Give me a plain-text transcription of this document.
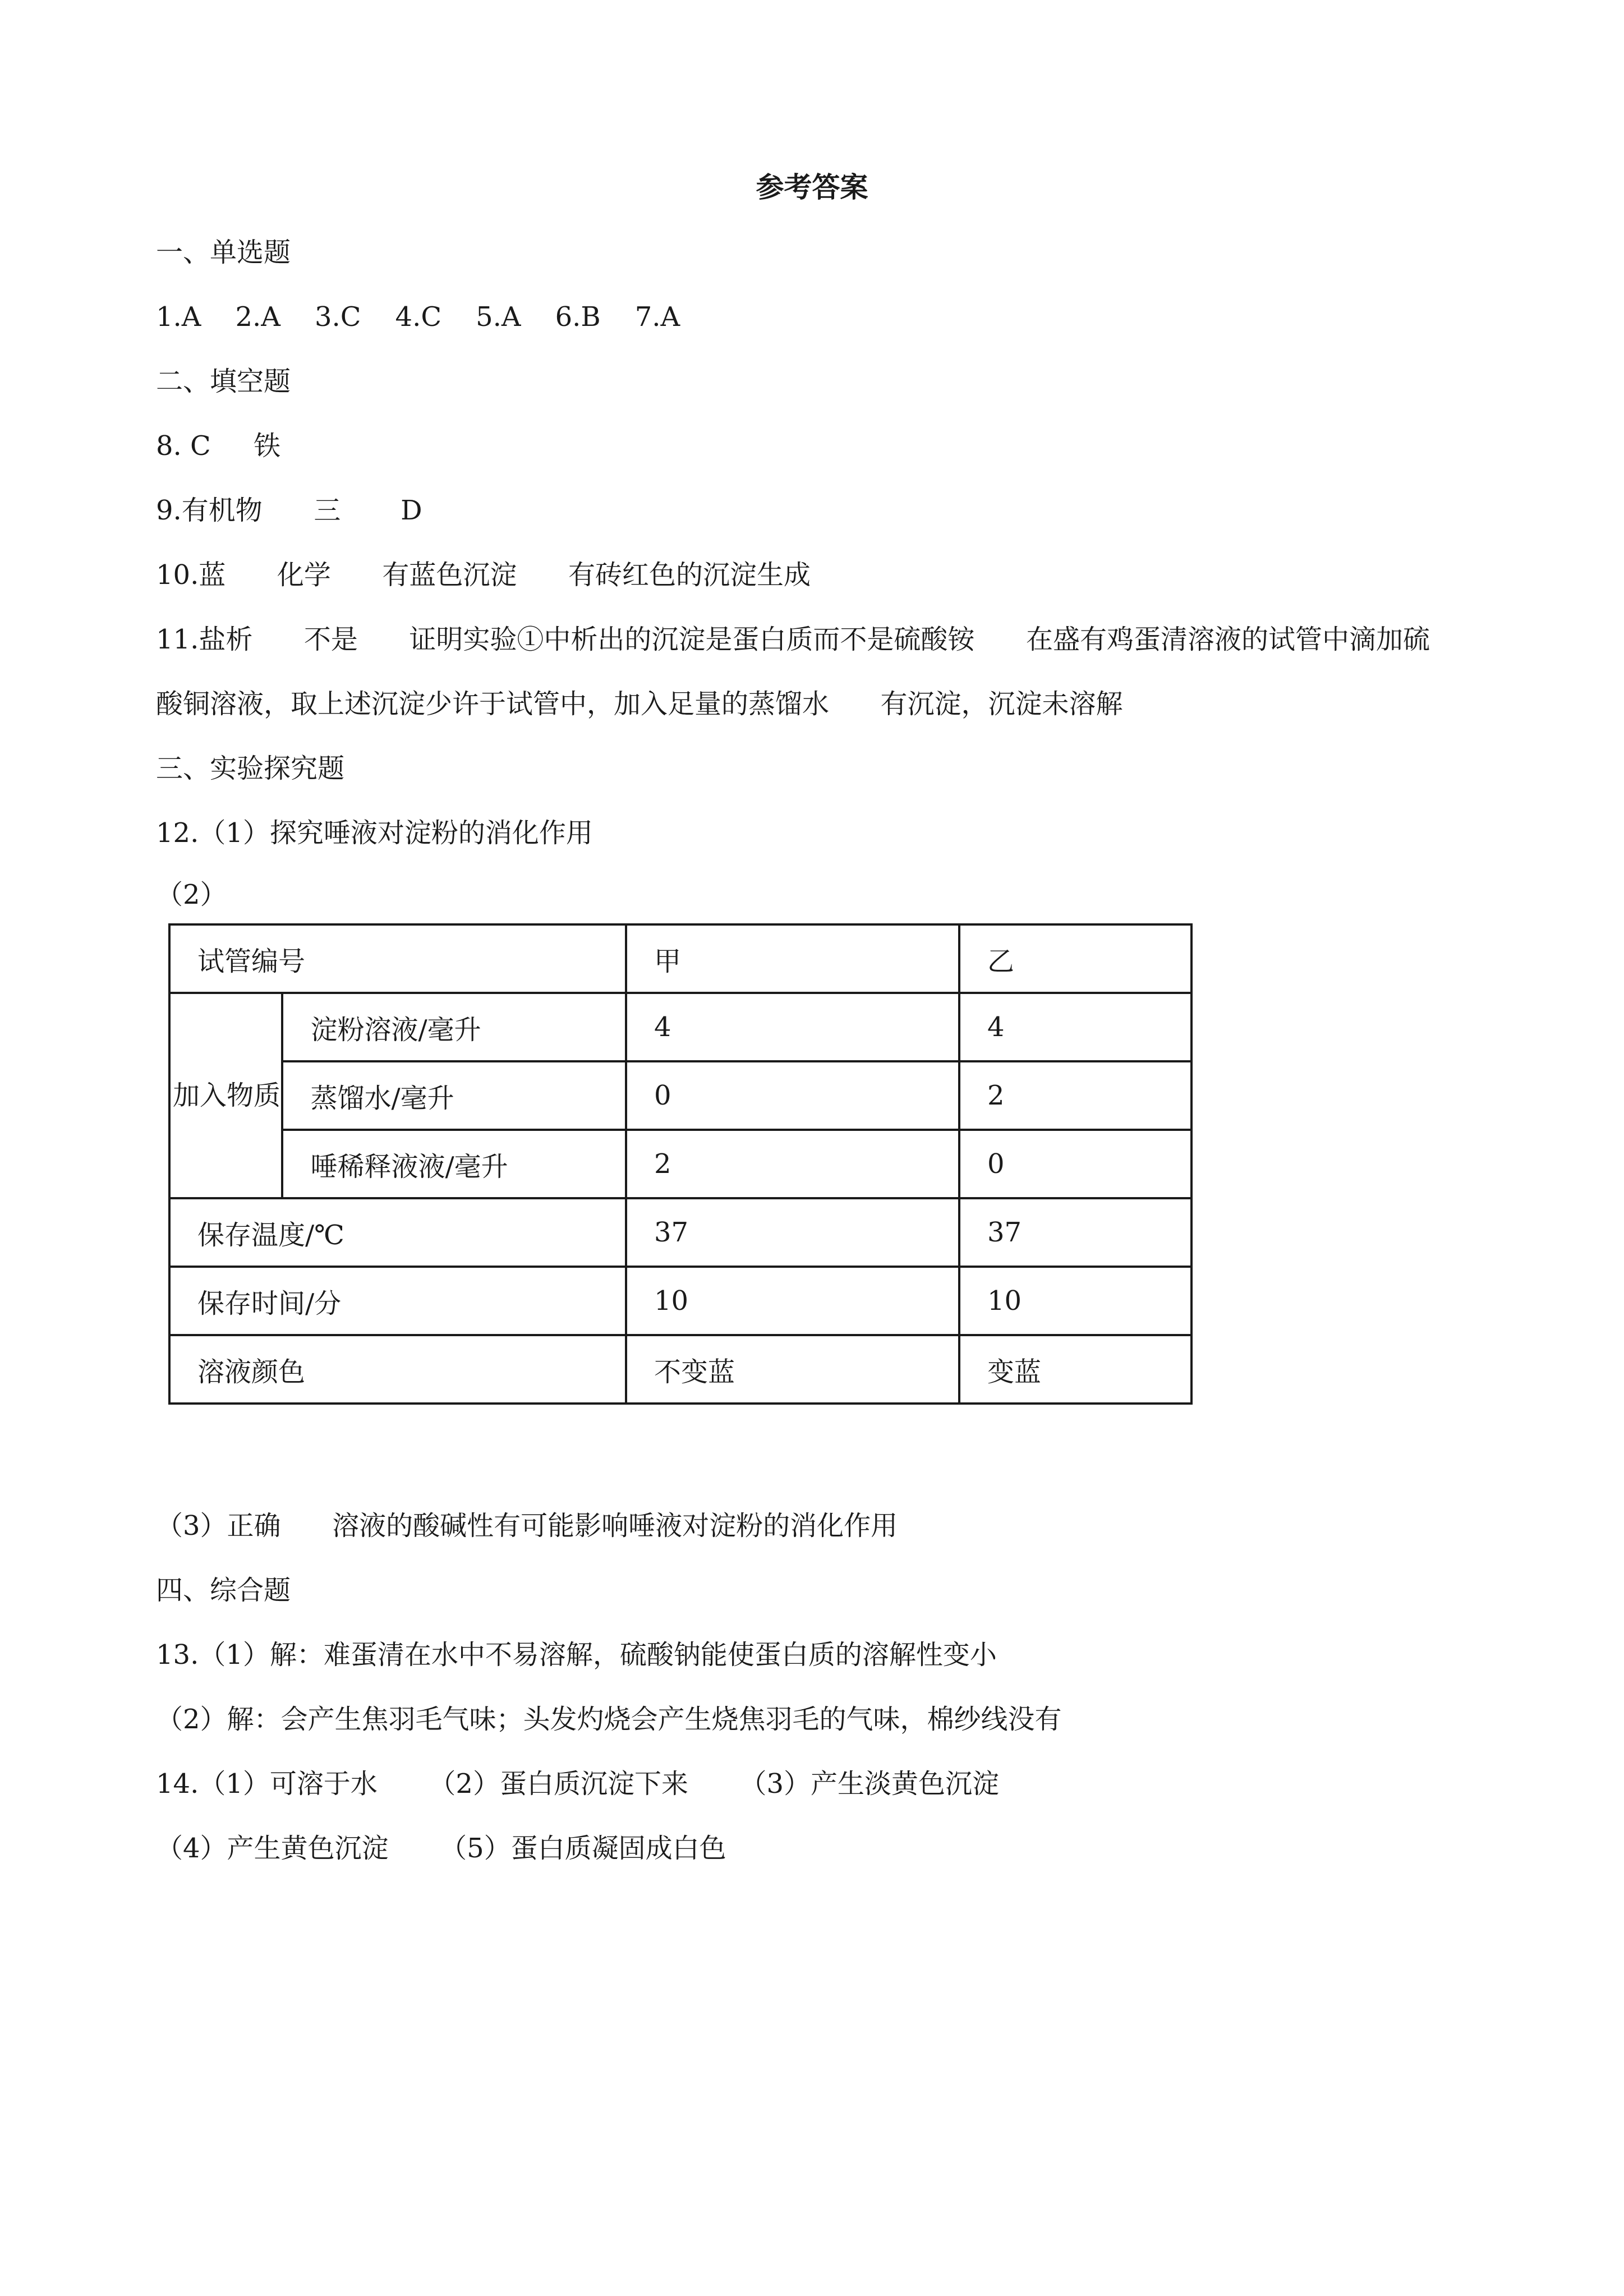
参考答案
一、单选题
1.A    2.A    3.C    4.C    5.A    6.B    7.A
二、填空题
8. C     铁
9.有机物      三       D
10.蓝      化学      有蓝色沉淀      有砖红色的沉淀生成
11.盐析      不是      证明实验①中析出的沉淀是蛋白质而不是硫酸铵      在盛有鸡蛋清溶液的试管中滴加硫
酸铜溶液，取上述沉淀少许于试管中，加入足量的蒸馏水      有沉淀，沉淀未溶解
三、实验探究题
12.（1）探究唾液对淀粉的消化作用
（2）
试管编号		甲	乙
加入物质	淀粉溶液/毫升	4	4
	蒸馏水/毫升	0	2
	唾稀释液液/毫升	2	0
保存温度/℃		37	37
保存时间/分		10	10
溶液颜色		不变蓝	变蓝
（3）正确      溶液的酸碱性有可能影响唾液对淀粉的消化作用
四、综合题
13.（1）解：难蛋清在水中不易溶解，硫酸钠能使蛋白质的溶解性变小
（2）解：会产生焦羽毛气味；头发灼烧会产生烧焦羽毛的气味，棉纱线没有
14.（1）可溶于水      （2）蛋白质沉淀下来      （3）产生淡黄色沉淀
（4）产生黄色沉淀      （5）蛋白质凝固成白色
